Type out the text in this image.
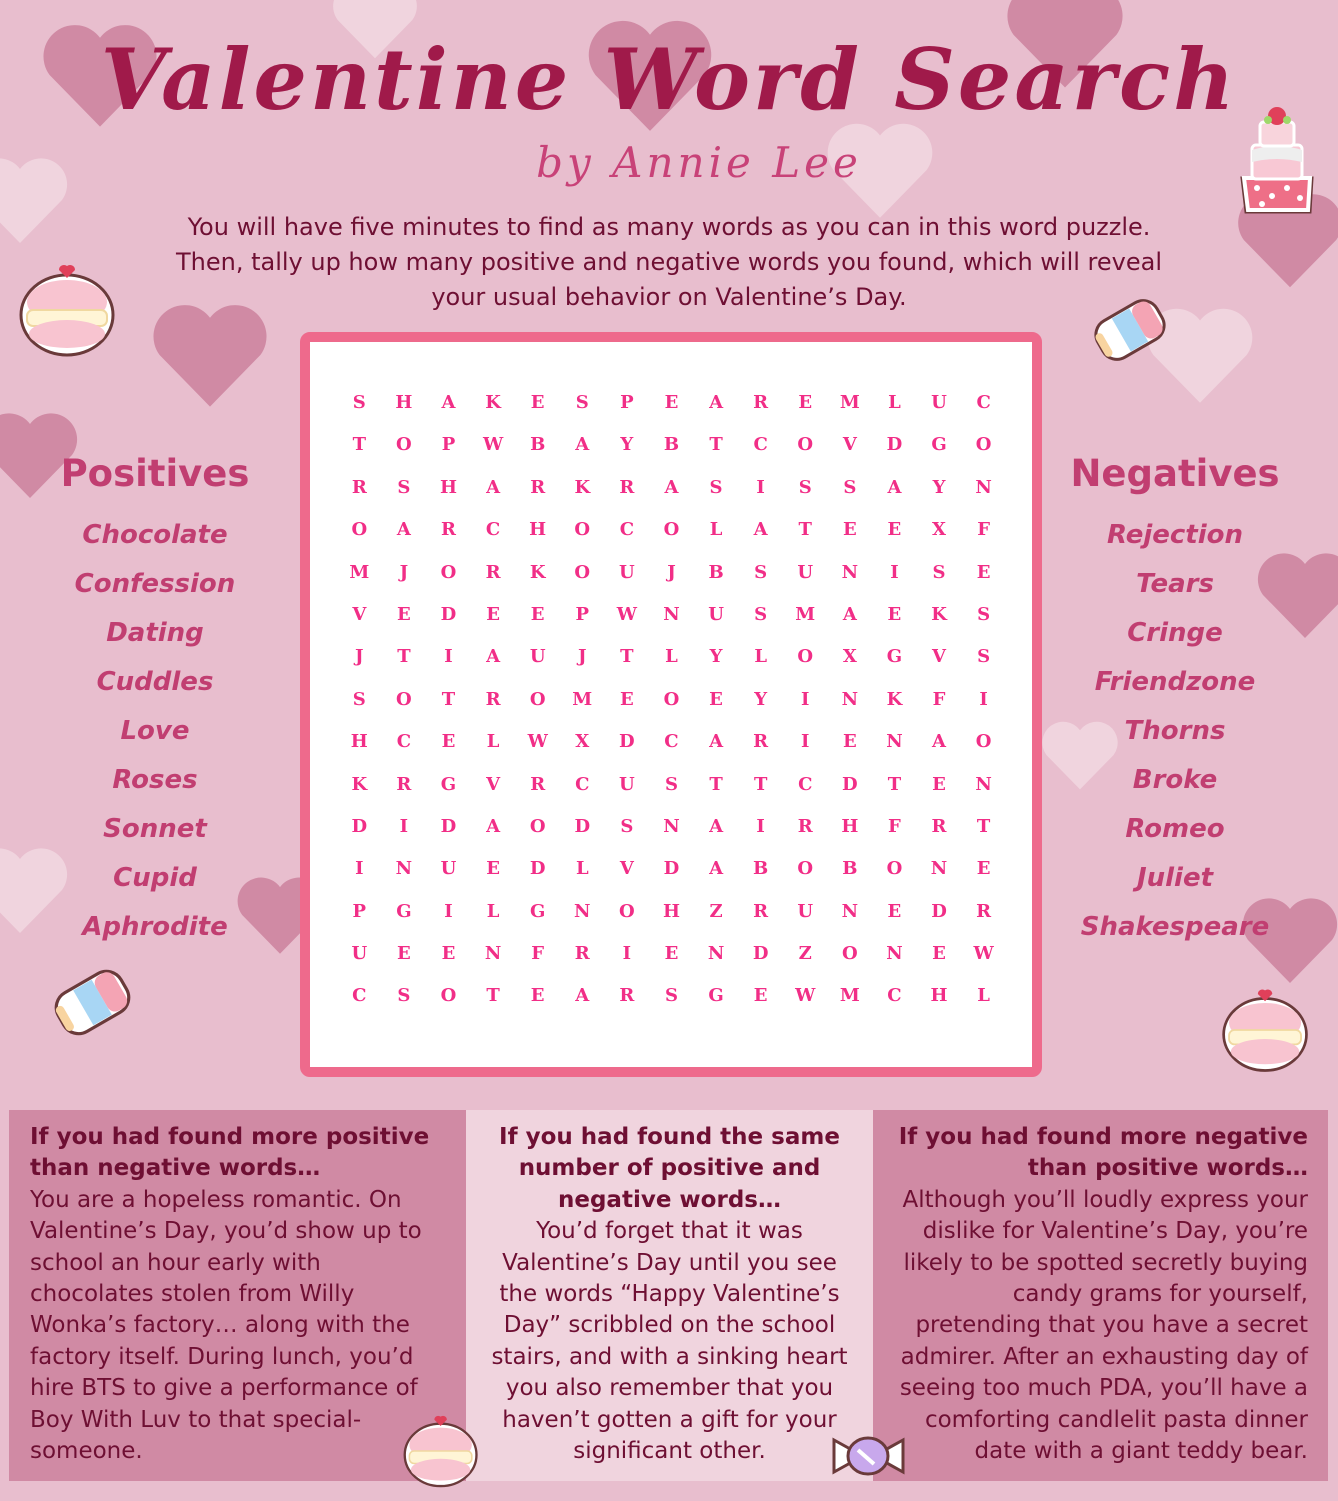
Valentine Word Search
by Annie Lee
You will have five minutes to find as many words as you can in this word puzzle.
Then, tally up how many positive and negative words you found, which will reveal
your usual behavior on Valentine’s Day.
S	H	A	K	E	S	P	E	A	R	E	M	L	U	C
T	O	P	W	B	A	Y	B	T	C	O	V	D	G	O
R	S	H	A	R	K	R	A	S	I	S	S	A	Y	N
O	A	R	C	H	O	C	O	L	A	T	E	E	X	F
M	J	O	R	K	O	U	J	B	S	U	N	I	S	E
V	E	D	E	E	P	W	N	U	S	M	A	E	K	S
J	T	I	A	U	J	T	L	Y	L	O	X	G	V	S
S	O	T	R	O	M	E	O	E	Y	I	N	K	F	I
H	C	E	L	W	X	D	C	A	R	I	E	N	A	O
K	R	G	V	R	C	U	S	T	T	C	D	T	E	N
D	I	D	A	O	D	S	N	A	I	R	H	F	R	T
I	N	U	E	D	L	V	D	A	B	O	B	O	N	E
P	G	I	L	G	N	O	H	Z	R	U	N	E	D	R
U	E	E	N	F	R	I	E	N	D	Z	O	N	E	W
C	S	O	T	E	A	R	S	G	E	W	M	C	H	L
Positives
Chocolate
Confession
Dating
Cuddles
Love
Roses
Sonnet
Cupid
Aphrodite
Negatives
Rejection
Tears
Cringe
Friendzone
Thorns
Broke
Romeo
Juliet
Shakespeare
If you had found more positive than negative words…

You are a hopeless romantic. On Valentine’s Day, you’d show up to school an hour early with chocolates stolen from Willy Wonka’s factory… along with the factory itself. During lunch, you’d hire BTS to give a performance of Boy With Luv to that special-someone.

If you had found the same number of positive and negative words…

You’d forget that it was Valentine’s Day until you see the words “Happy Valentine’s Day” scribbled on the school stairs, and with a sinking heart you also remember that you haven’t gotten a gift for your significant other.

If you had found more negative than positive words…

Although you’ll loudly express your dislike for Valentine’s Day, you’re likely to be spotted secretly buying candy grams for yourself, pretending that you have a secret admirer. After an exhausting day of seeing too much PDA, you’ll have a comforting candlelit pasta dinner date with a giant teddy bear.
